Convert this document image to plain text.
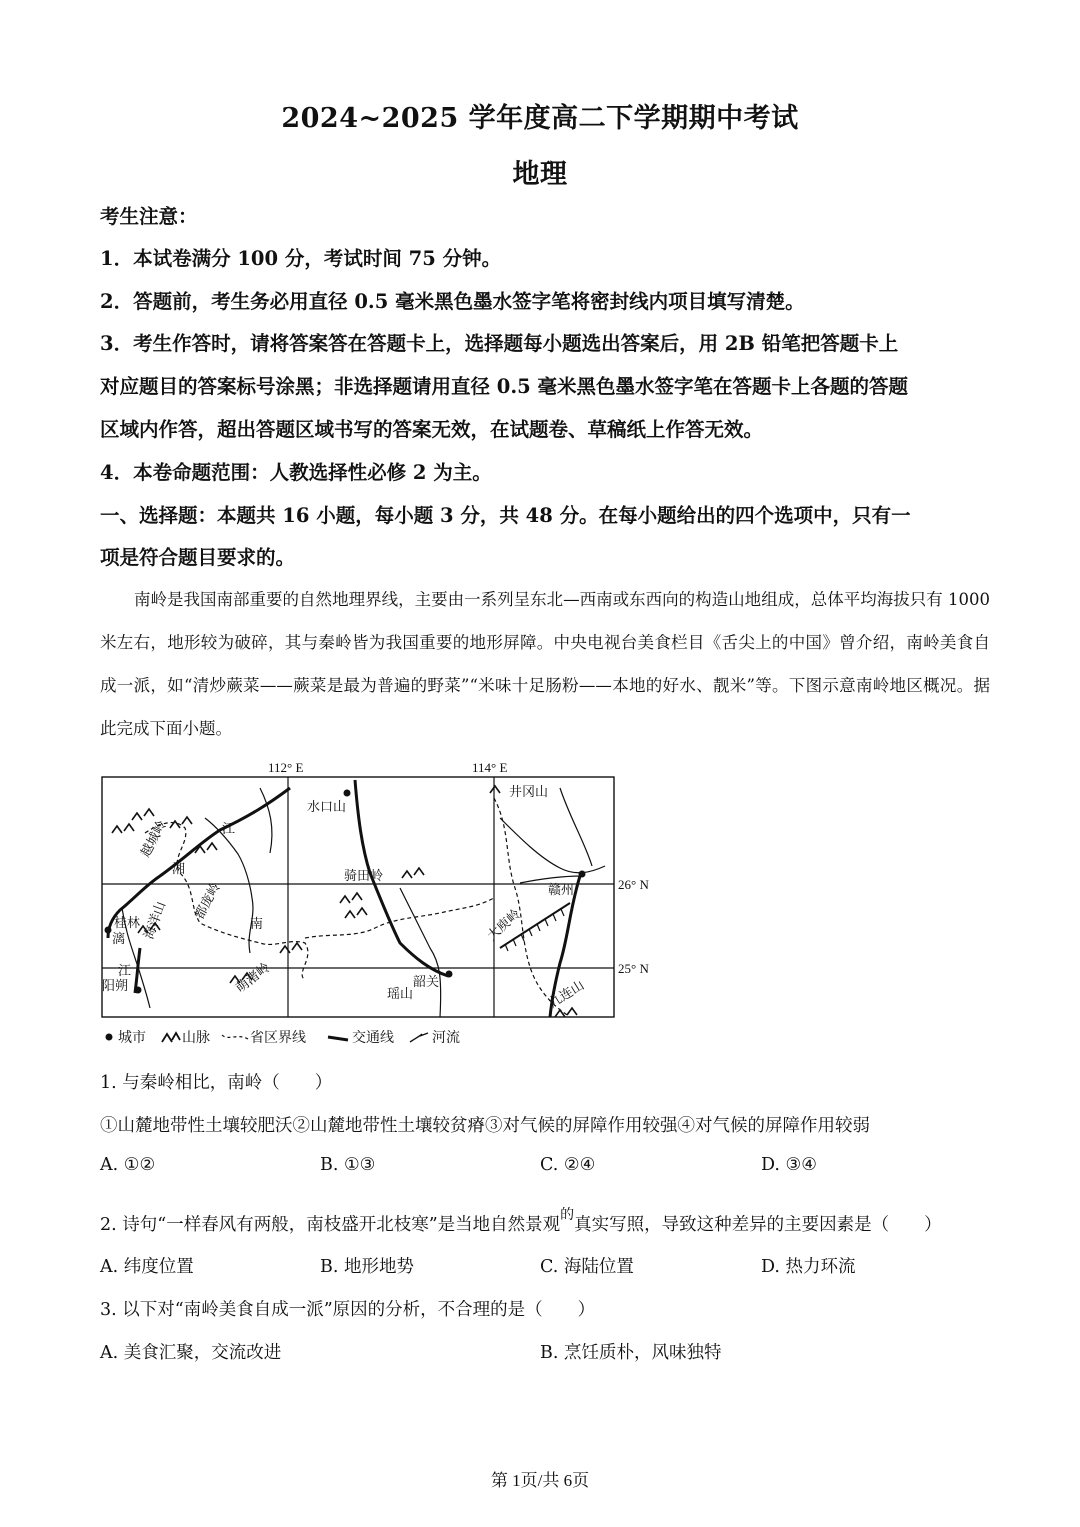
2024~2025 学年度高二下学期期中考试
地理
考生注意：
1．本试卷满分 100 分，考试时间 75 分钟。
2．答题前，考生务必用直径 0.5 毫米黑色墨水签字笔将密封线内项目填写清楚。
3．考生作答时，请将答案答在答题卡上，选择题每小题选出答案后，用 2B 铅笔把答题卡上
对应题目的答案标号涂黑；非选择题请用直径 0.5 毫米黑色墨水签字笔在答题卡上各题的答题
区域内作答，超出答题区域书写的答案无效，在试题卷、草稿纸上作答无效。
4．本卷命题范围：人教选择性必修 2 为主。
一、选择题：本题共 16 小题，每小题 3 分，共 48 分。在每小题给出的四个选项中，只有一
项是符合题目要求的。
南岭是我国南部重要的自然地理界线，主要由一系列呈东北—西南或东西向的构造山地组成，总体平均海拔只有 1000 米左右，地形较为破碎，其与秦岭皆为我国重要的地形屏障。中央电视台美食栏目《舌尖上的中国》曾介绍，南岭美食自成一派，如“清炒蕨菜——蕨菜是最为普遍的野菜”“米味十足肠粉——本地的好水、靓米”等。下图示意南岭地区概况。据此完成下面小题。
112° E	114° E
26° N
25° N
越城岭	江
湘
都庞岭
海洋山
桂林
漓
江
阳朔
南
萌渚岭
水口山
骑田岭
韶关
瑶山
井冈山
赣州
大庾岭
九连山
城市	山脉	省区界线	交通线	河流
1. 与秦岭相比，南岭（　　）
①山麓地带性土壤较肥沃②山麓地带性土壤较贫瘠③对气候的屏障作用较强④对气候的屏障作用较弱
A. ①②	B. ①③	C. ②④	D. ③④
2. 诗句“一样春风有两般，南枝盛开北枝寒”是当地自然景观$^的$真实写照，导致这种差异的主要因素是（　　）
A. 纬度位置	B. 地形地势	C. 海陆位置	D. 热力环流
3. 以下对“南岭美食自成一派”原因的分析，不合理的是（　　）
A. 美食汇聚，交流改进	B. 烹饪质朴，风味独特
第 1页/共 6页
